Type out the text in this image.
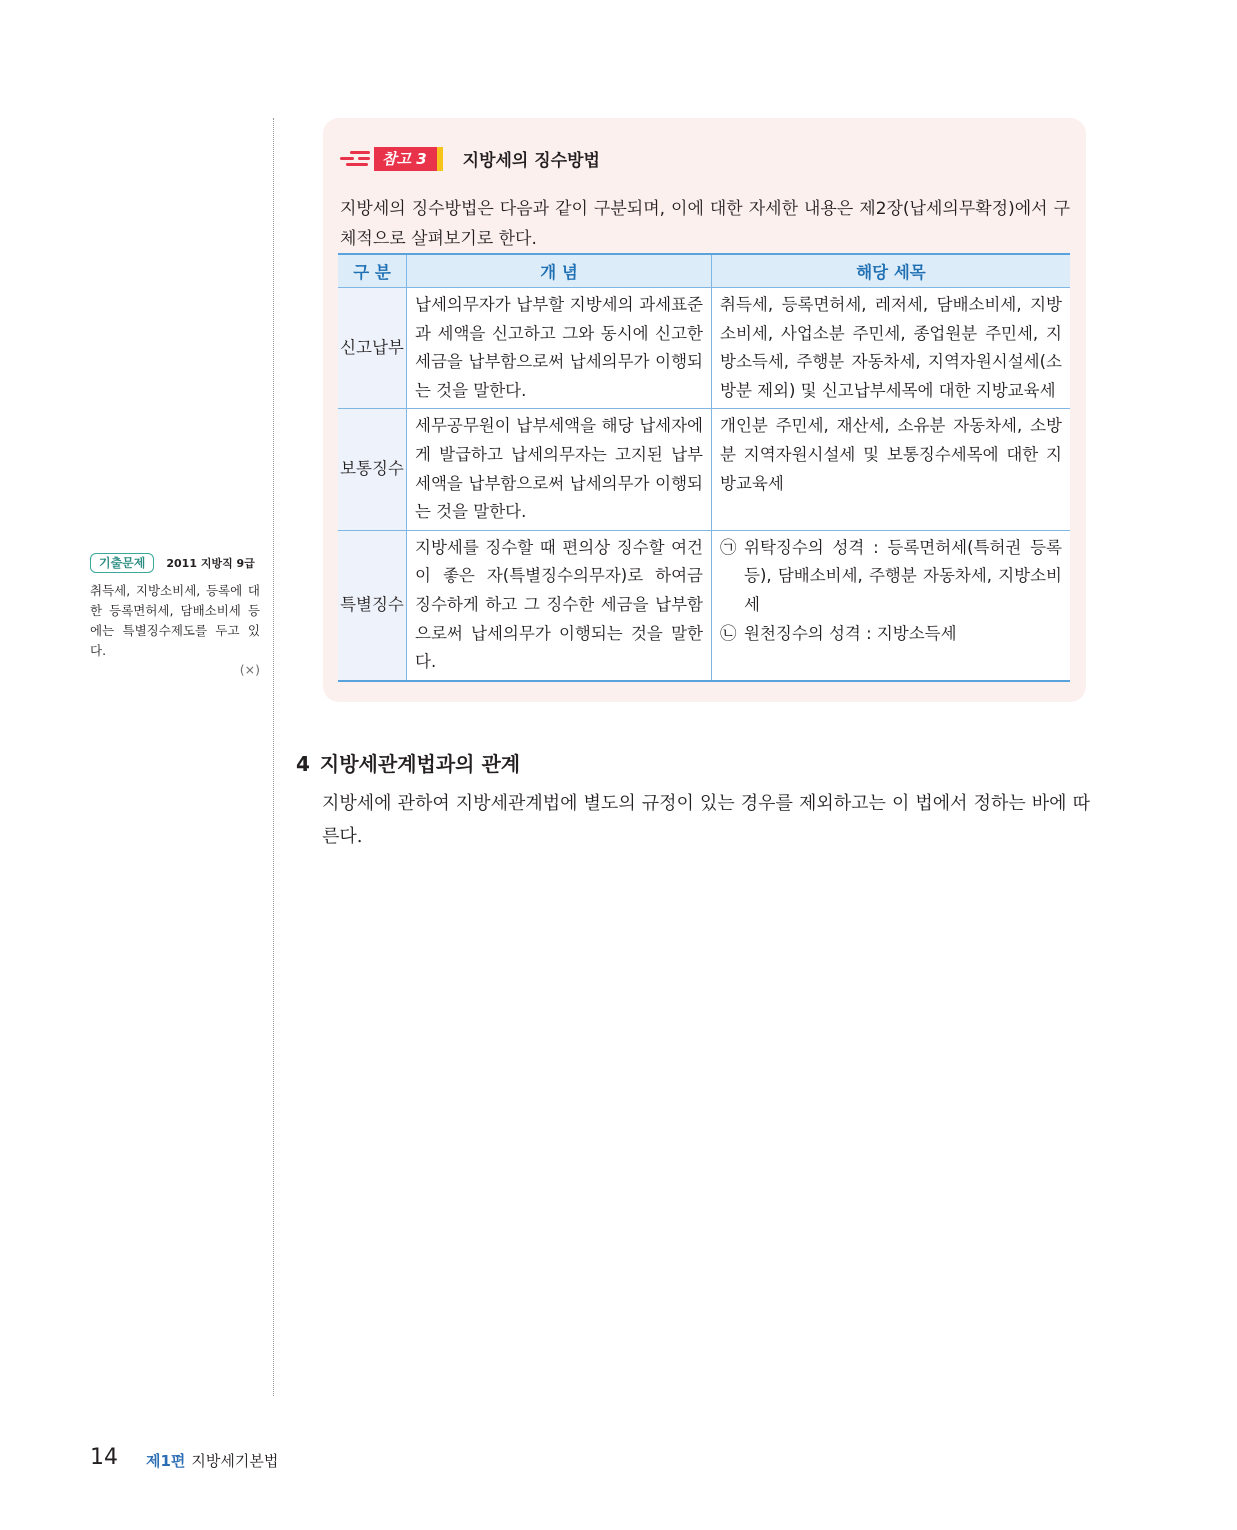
기출문제	2011 지방직 9급
취득세, 지방소비세, 등록에 대한 등록면허세, 담배소비세 등에는 특별징수제도를 두고 있다.
(×)
참고 3	지방세의 징수방법
지방세의 징수방법은 다음과 같이 구분되며, 이에 대한 자세한 내용은 제2장(납세의무확정)에서 구체적으로 살펴보기로 한다.
구 분	개 념	해당 세목
신고납부	납세의무자가 납부할 지방세의 과세표준과 세액을 신고하고 그와 동시에 신고한 세금을 납부함으로써 납세의무가 이행되는 것을 말한다.	취득세, 등록면허세, 레저세, 담배소비세, 지방소비세, 사업소분 주민세, 종업원분 주민세, 지방소득세, 주행분 자동차세, 지역자원시설세(소방분 제외) 및 신고납부세목에 대한 지방교육세
보통징수	세무공무원이 납부세액을 해당 납세자에게 발급하고 납세의무자는 고지된 납부세액을 납부함으로써 납세의무가 이행되는 것을 말한다.	개인분 주민세, 재산세, 소유분 자동차세, 소방분 지역자원시설세 및 보통징수세목에 대한 지방교육세
특별징수	지방세를 징수할 때 편의상 징수할 여건이 좋은 자(특별징수의무자)로 하여금 징수하게 하고 그 징수한 세금을 납부함으로써 납세의무가 이행되는 것을 말한다.	㉠ 위탁징수의 성격 : 등록면허세(특허권 등록 등), 담배소비세, 주행분 자동차세, 지방소비세
㉡ 원천징수의 성격 : 지방소득세
4 지방세관계법과의 관계
지방세에 관하여 지방세관계법에 별도의 규정이 있는 경우를 제외하고는 이 법에서 정하는 바에 따른다.
14 제1편 지방세기본법
